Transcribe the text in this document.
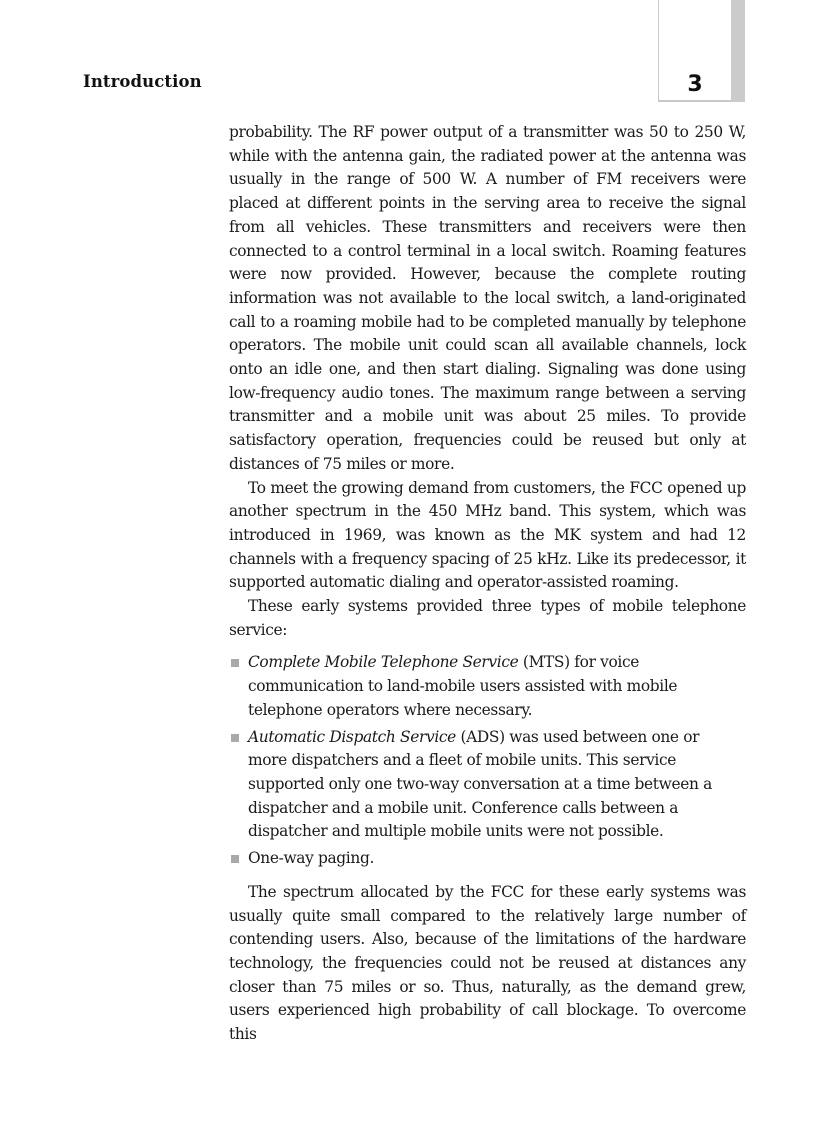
Introduction	3

probability. The RF power output of a transmitter was 50 to 250 W, while with the antenna gain, the radiated power at the antenna was usually in the range of 500 W. A number of FM receivers were placed at different points in the serving area to receive the signal from all vehicles. These transmitters and receivers were then connected to a control terminal in a local switch. Roaming features were now provided. However, because the complete routing information was not available to the local switch, a land-originated call to a roaming mobile had to be completed manually by telephone operators. The mobile unit could scan all available channels, lock onto an idle one, and then start dialing. Signaling was done using low-frequency audio tones. The maximum range between a serving transmitter and a mobile unit was about 25 miles. To provide satisfactory operation, frequencies could be reused but only at distances of 75 miles or more.

To meet the growing demand from customers, the FCC opened up another spectrum in the 450 MHz band. This system, which was introduced in 1969, was known as the MK system and had 12 channels with a frequency spacing of 25 kHz. Like its predecessor, it supported automatic dialing and operator-assisted roaming.

These early systems provided three types of mobile telephone service:

Complete Mobile Telephone Service (MTS) for voice communication to land-mobile users assisted with mobile telephone operators where necessary.
Automatic Dispatch Service (ADS) was used between one or more dispatchers and a fleet of mobile units. This service supported only one two-way conversation at a time between a dispatcher and a mobile unit. Conference calls between a dispatcher and multiple mobile units were not possible.
One-way paging.

The spectrum allocated by the FCC for these early systems was usually quite small compared to the relatively large number of contending users. Also, because of the limitations of the hardware technology, the frequencies could not be reused at distances any closer than 75 miles or so. Thus, naturally, as the demand grew, users experienced high probability of call blockage. To overcome this
